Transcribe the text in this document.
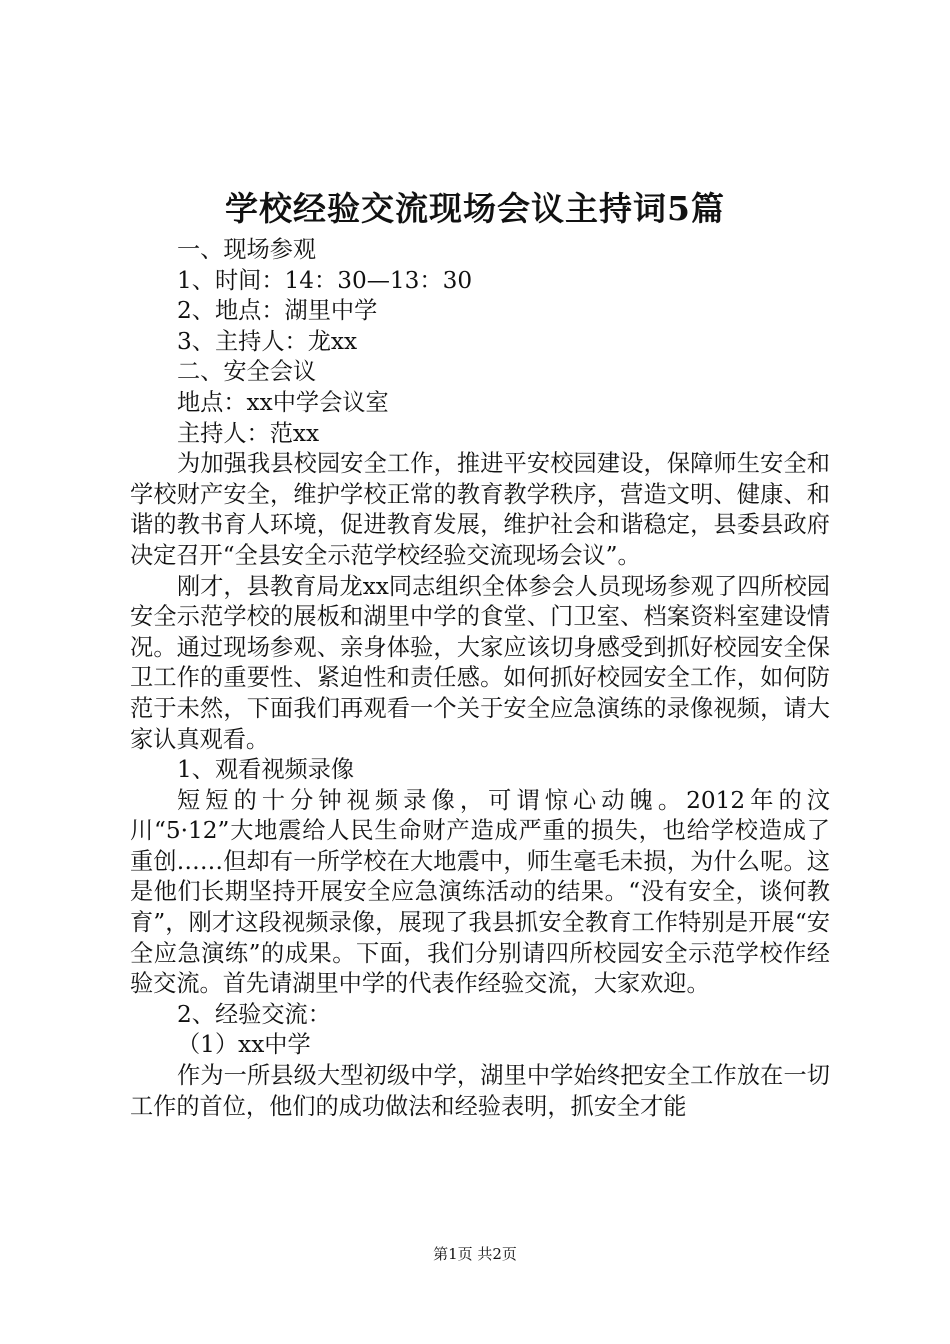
学校经验交流现场会议主持词5篇

一、现场参观

1、时间：14：30—13：30

2、地点：湖里中学

3、主持人：龙xx

二、安全会议

地点：xx中学会议室

主持人：范xx

为加强我县校园安全工作，推进平安校园建设，保障师生安全和学校财产安全，维护学校正常的教育教学秩序，营造文明、健康、和谐的教书育人环境，促进教育发展，维护社会和谐稳定，县委县政府决定召开“全县安全示范学校经验交流现场会议”。

刚才，县教育局龙xx同志组织全体参会人员现场参观了四所校园安全示范学校的展板和湖里中学的食堂、门卫室、档案资料室建设情况。通过现场参观、亲身体验，大家应该切身感受到抓好校园安全保卫工作的重要性、紧迫性和责任感。如何抓好校园安全工作，如何防范于未然，下面我们再观看一个关于安全应急演练的录像视频，请大家认真观看。

1、观看视频录像

短短的十分钟视频录像，可谓惊心动魄。2012年的汶川“5·12”大地震给人民生命财产造成严重的损失，也给学校造成了重创……但却有一所学校在大地震中，师生毫毛未损，为什么呢。这是他们长期坚持开展安全应急演练活动的结果。“没有安全，谈何教育”，刚才这段视频录像，展现了我县抓安全教育工作特别是开展“安全应急演练”的成果。下面，我们分别请四所校园安全示范学校作经验交流。首先请湖里中学的代表作经验交流，大家欢迎。

2、经验交流：

（1）xx中学

作为一所县级大型初级中学，湖里中学始终把安全工作放在一切工作的首位，他们的成功做法和经验表明，抓安全才能

第1页 共2页
